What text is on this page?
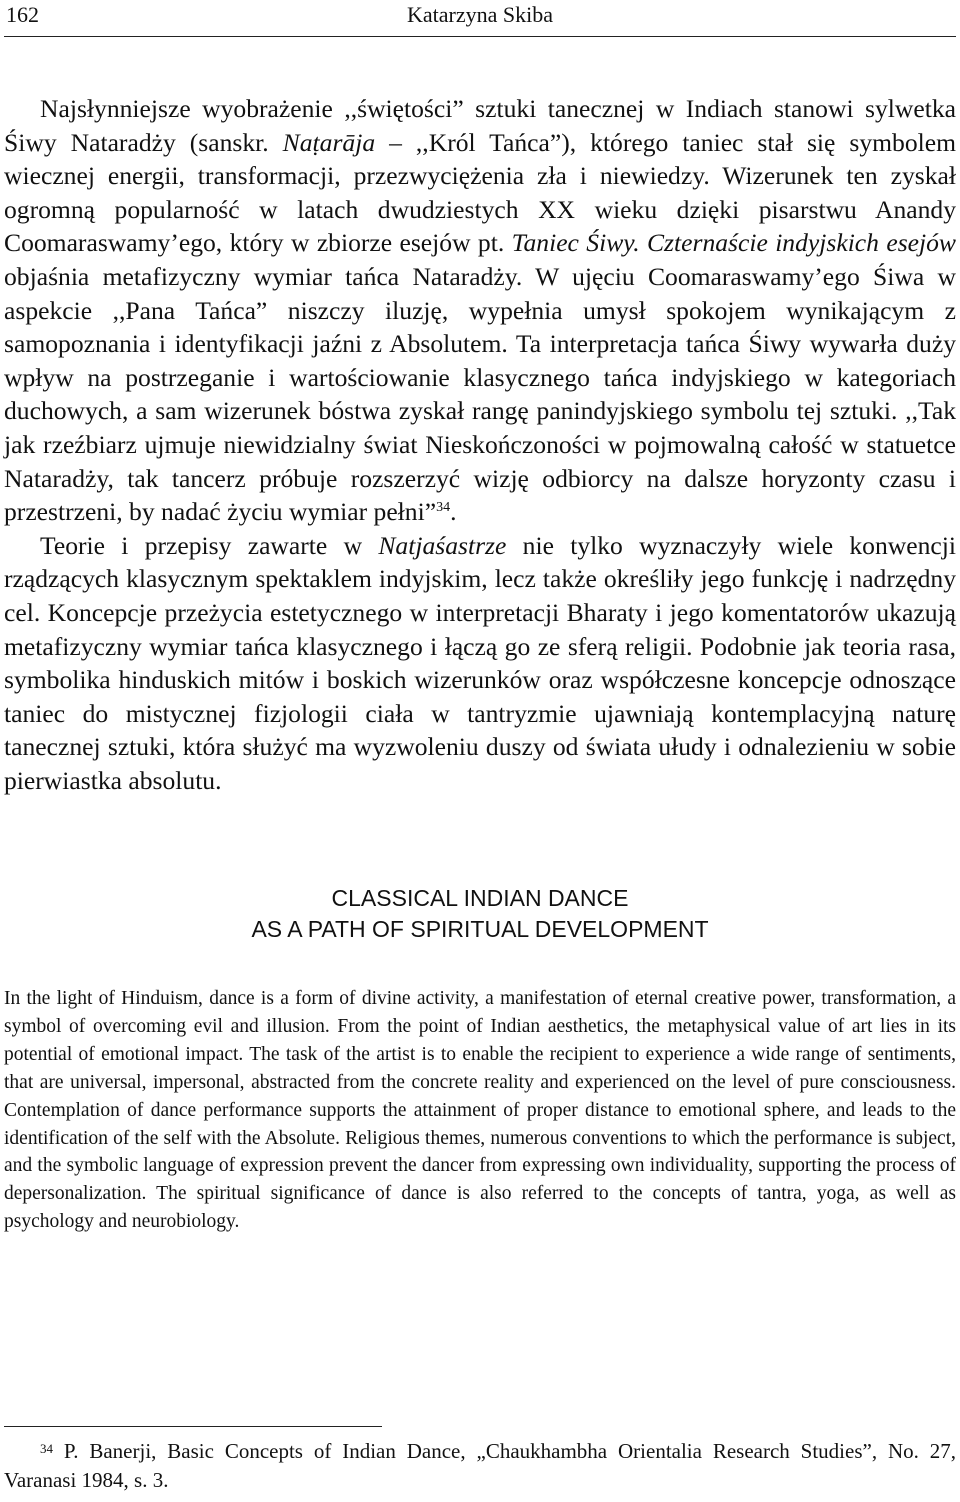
162	Katarzyna Skiba

Najsłynniejsze wyobrażenie ,,świętości” sztuki tanecznej w Indiach stanowi sylwetka Śiwy Nataradży (sanskr. Naṭarāja – ,,Król Tańca”), którego taniec stał się symbolem wiecznej energii, transformacji, przezwyciężenia zła i niewiedzy. Wizerunek ten zyskał ogromną popularność w latach dwudziestych XX wieku dzięki pisarstwu Anandy Coomaraswamy’ego, który w zbiorze esejów pt. Taniec Śiwy. Czternaście indyjskich esejów objaśnia metafizyczny wymiar tańca Nataradży. W ujęciu Coomaraswamy’ego Śiwa w aspekcie ,,Pana Tańca” niszczy iluzję, wypełnia umysł spokojem wynikającym z samopoznania i identyfikacji jaźni z Absolutem. Ta interpretacja tańca Śiwy wywarła duży wpływ na postrzeganie i wartościowanie klasycznego tańca indyjskiego w kategoriach duchowych, a sam wizerunek bóstwa zyskał rangę panindyjskiego symbolu tej sztuki. ,,Tak jak rzeźbiarz ujmuje niewidzialny świat Nieskończoności w pojmowalną całość w statuetce Nataradży, tak tancerz próbuje rozszerzyć wizję odbiorcy na dalsze horyzonty czasu i przestrzeni, by nadać życiu wymiar pełni”$^{34}$.

Teorie i przepisy zawarte w Natjaśastrze nie tylko wyznaczyły wiele konwencji rządzących klasycznym spektaklem indyjskim, lecz także określiły jego funkcję i nadrzędny cel. Koncepcje przeżycia estetycznego w interpretacji Bharaty i jego komentatorów ukazują metafizyczny wymiar tańca klasycznego i łączą go ze sferą religii. Podobnie jak teoria rasa, symbolika hinduskich mitów i boskich wizerunków oraz współczesne koncepcje odnoszące taniec do mistycznej fizjologii ciała w tantryzmie ujawniają kontemplacyjną naturę tanecznej sztuki, która służyć ma wyzwoleniu duszy od świata ułudy i odnalezieniu w sobie pierwiastka absolutu.

CLASSICAL INDIAN DANCE
AS A PATH OF SPIRITUAL DEVELOPMENT

In the light of Hinduism, dance is a form of divine activity, a manifestation of eternal creative power, transformation, a symbol of overcoming evil and illusion. From the point of Indian aesthetics, the metaphysical value of art lies in its potential of emotional impact. The task of the artist is to enable the recipient to experience a wide range of sentiments, that are universal, impersonal, abstracted from the concrete reality and experienced on the level of pure consciousness. Contemplation of dance performance supports the attainment of proper distance to emotional sphere, and leads to the identification of the self with the Absolute. Religious themes, numerous conventions to which the performance is subject, and the symbolic language of expression prevent the dancer from expressing own individuality, supporting the process of depersonalization. The spiritual significance of dance is also referred to the concepts of tantra, yoga, as well as psychology and neurobiology.

$^{34}$ P. Banerji, Basic Concepts of Indian Dance, „Chaukhambha Orientalia Research Studies”, No. 27, Varanasi 1984, s. 3.
